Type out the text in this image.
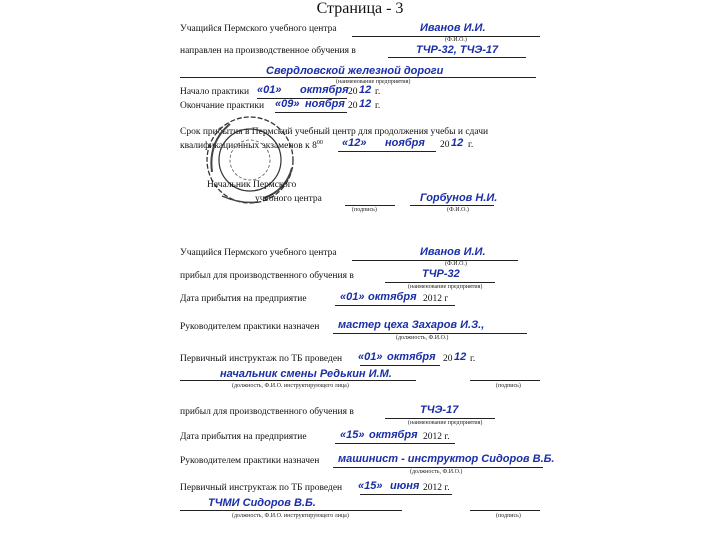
Страница - 3
Учащийся Пермского учебного центра	Иванов И.И.
(Ф.И.О.)
направлен на производственное обучения в	ТЧР-32, ТЧЭ-17
Свердловской железной дороги
(наименование предприятия)
Начало практики «01» октября 20 12 г.
Окончание практики «09» ноября 20 12 г.
Срок прибытия в Пермский учебный центр для продолжения учебы и сдачи
квалификационных экзаменов к $8^{00}$ «12» ноября 20 12 г.
Начальник Пермского
учебного центра
(подпись)
Горбунов Н.И.
(Ф.И.О.)
Учащийся Пермского учебного центра	Иванов И.И.
(Ф.И.О.)
прибыл для производственного обучения в	ТЧР-32
(наименование предприятия)
Дата прибытия на предприятие	«01» октября 2012 г
Руководителем практики назначен мастер цеха Захаров И.З.,
(должность, Ф.И.О.)
Первичный инструктаж по ТБ проведен «01» октября 20 12 г.
начальник смены Редькин И.М.
(должность, Ф.И.О. инструктирующего лица)	(подпись)
прибыл для производственного обучения в	ТЧЭ-17
(наименование предприятия)
Дата прибытия на предприятие	«15» октября 2012 г.
Руководителем практики назначен машинист - инструктор Сидоров В.Б.
(должность, Ф.И.О.)
Первичный инструктаж по ТБ проведен «15» июня 2012 г.
ТЧМИ Сидоров В.Б.
(должность, Ф.И.О. инструктирующего лица)	(подпись)
